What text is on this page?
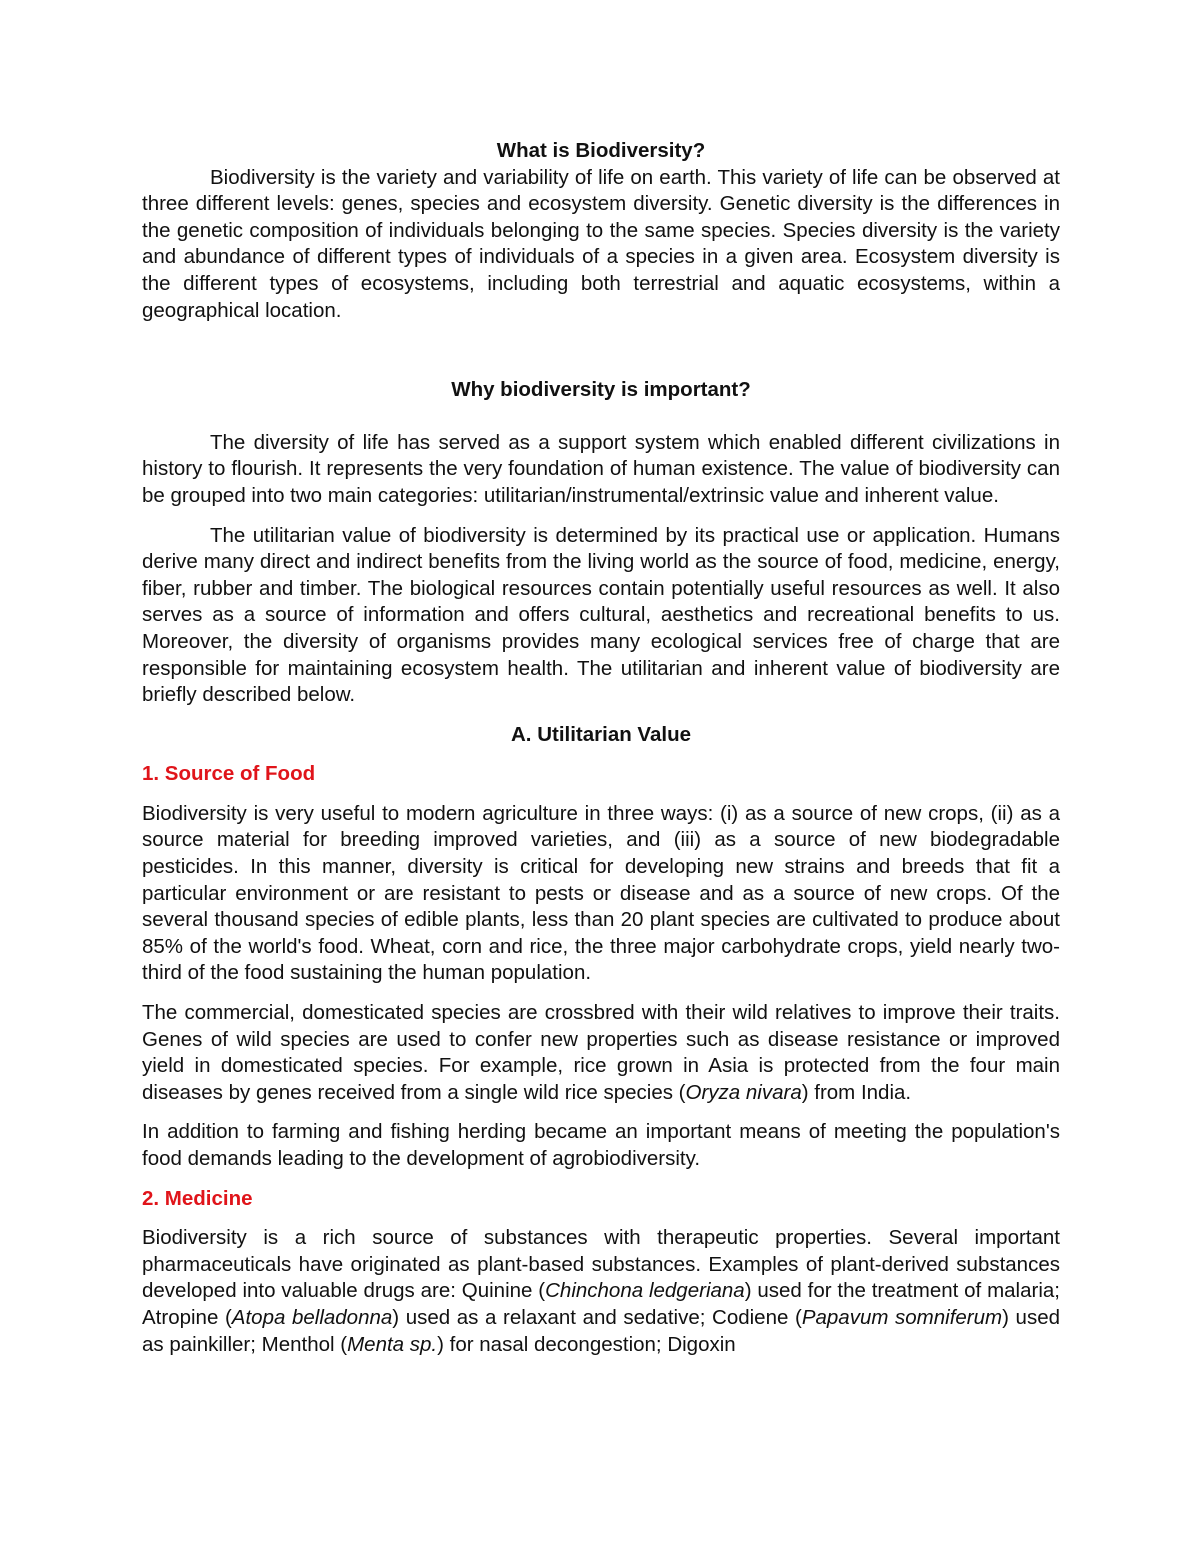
What is Biodiversity?

Biodiversity is the variety and variability of life on earth. This variety of life can be observed at three different levels: genes, species and ecosystem diversity. Genetic diversity is the differences in the genetic composition of individuals belonging to the same species. Species diversity is the variety and abundance of different types of individuals of a species in a given area. Ecosystem diversity is the different types of ecosystems, including both terrestrial and aquatic ecosystems, within a geographical location.

Why biodiversity is important?

The diversity of life has served as a support system which enabled different civilizations in history to flourish. It represents the very foundation of human existence. The value of biodiversity can be grouped into two main categories: utilitarian/instrumental/extrinsic value and inherent value.

The utilitarian value of biodiversity is determined by its practical use or application. Humans derive many direct and indirect benefits from the living world as the source of food, medicine, energy, fiber, rubber and timber. The biological resources contain potentially useful resources as well. It also serves as a source of information and offers cultural, aesthetics and recreational benefits to us. Moreover, the diversity of organisms provides many ecological services free of charge that are responsible for maintaining ecosystem health. The utilitarian and inherent value of biodiversity are briefly described below.

A. Utilitarian Value
1. Source of Food

Biodiversity is very useful to modern agriculture in three ways: (i) as a source of new crops, (ii) as a source material for breeding improved varieties, and (iii) as a source of new biodegradable pesticides. In this manner, diversity is critical for developing new strains and breeds that fit a particular environment or are resistant to pests or disease and as a source of new crops. Of the several thousand species of edible plants, less than 20 plant species are cultivated to produce about 85% of the world's food. Wheat, corn and rice, the three major carbohydrate crops, yield nearly two-third of the food sustaining the human population.

The commercial, domesticated species are crossbred with their wild relatives to improve their traits. Genes of wild species are used to confer new properties such as disease resistance or improved yield in domesticated species. For example, rice grown in Asia is protected from the four main diseases by genes received from a single wild rice species (Oryza nivara) from India.

In addition to farming and fishing herding became an important means of meeting the population's food demands leading to the development of agrobiodiversity.

2. Medicine

Biodiversity is a rich source of substances with therapeutic properties. Several important pharmaceuticals have originated as plant-based substances. Examples of plant-derived substances developed into valuable drugs are: Quinine (Chinchona ledgeriana) used for the treatment of malaria; Atropine (Atopa belladonna) used as a relaxant and sedative; Codiene (Papavum somniferum) used as painkiller; Menthol (Menta sp.) for nasal decongestion; Digoxin
